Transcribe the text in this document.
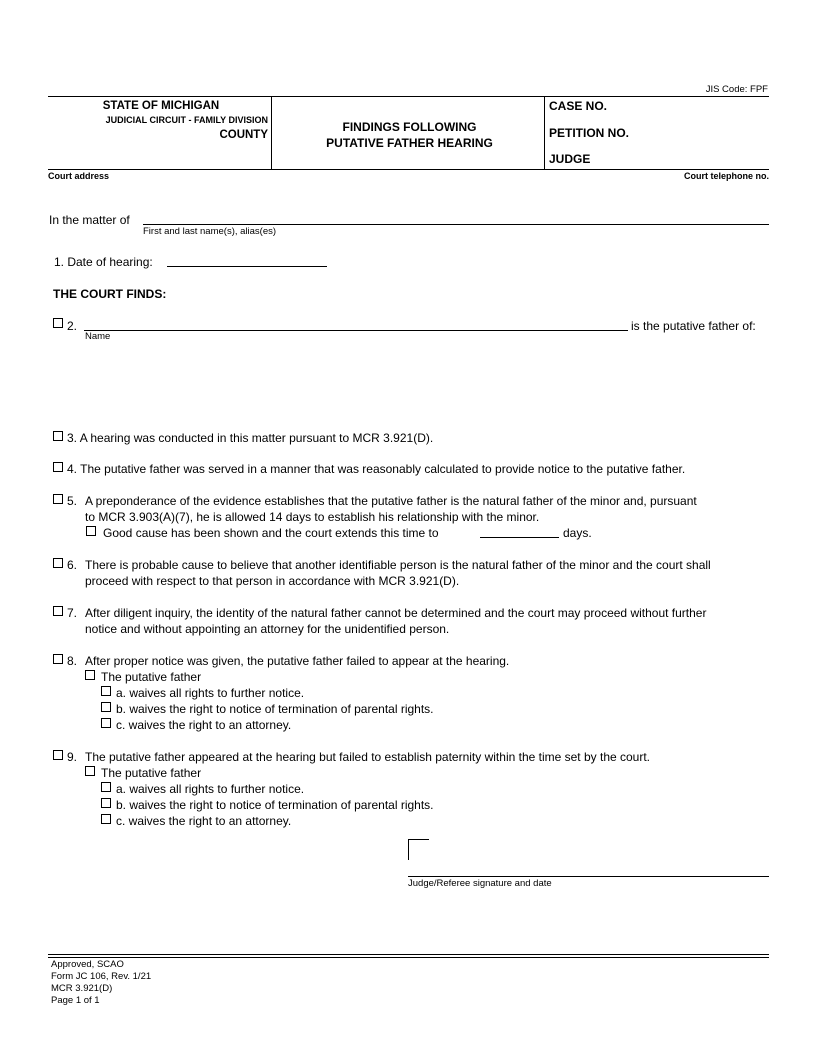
JIS Code: FPF
STATE OF MICHIGAN
JUDICIAL CIRCUIT - FAMILY DIVISION
COUNTY
FINDINGS FOLLOWING
PUTATIVE FATHER HEARING
CASE NO.
PETITION NO.
JUDGE
Court address	Court telephone no.
In the matter of
First and last name(s), alias(es)
1. Date of hearing:
THE COURT FINDS:
2.
Name
is the putative father of:
3. A hearing was conducted in this matter pursuant to MCR 3.921(D).
4. The putative father was served in a manner that was reasonably calculated to provide notice to the putative father.
5. A preponderance of the evidence establishes that the putative father is the natural father of the minor and, pursuant
to MCR 3.903(A)(7), he is allowed 14 days to establish his relationship with the minor.
Good cause has been shown and the court extends this time to	days.
6. There is probable cause to believe that another identifiable person is the natural father of the minor and the court shall
proceed with respect to that person in accordance with MCR 3.921(D).
7. After diligent inquiry, the identity of the natural father cannot be determined and the court may proceed without further
notice and without appointing an attorney for the unidentified person.
8. After proper notice was given, the putative father failed to appear at the hearing.
The putative father
a. waives all rights to further notice.
b. waives the right to notice of termination of parental rights.
c. waives the right to an attorney.
9. The putative father appeared at the hearing but failed to establish paternity within the time set by the court.
The putative father
a. waives all rights to further notice.
b. waives the right to notice of termination of parental rights.
c. waives the right to an attorney.
Judge/Referee signature and date
Approved, SCAO
Form JC 106, Rev. 1/21
MCR 3.921(D)
Page 1 of 1
